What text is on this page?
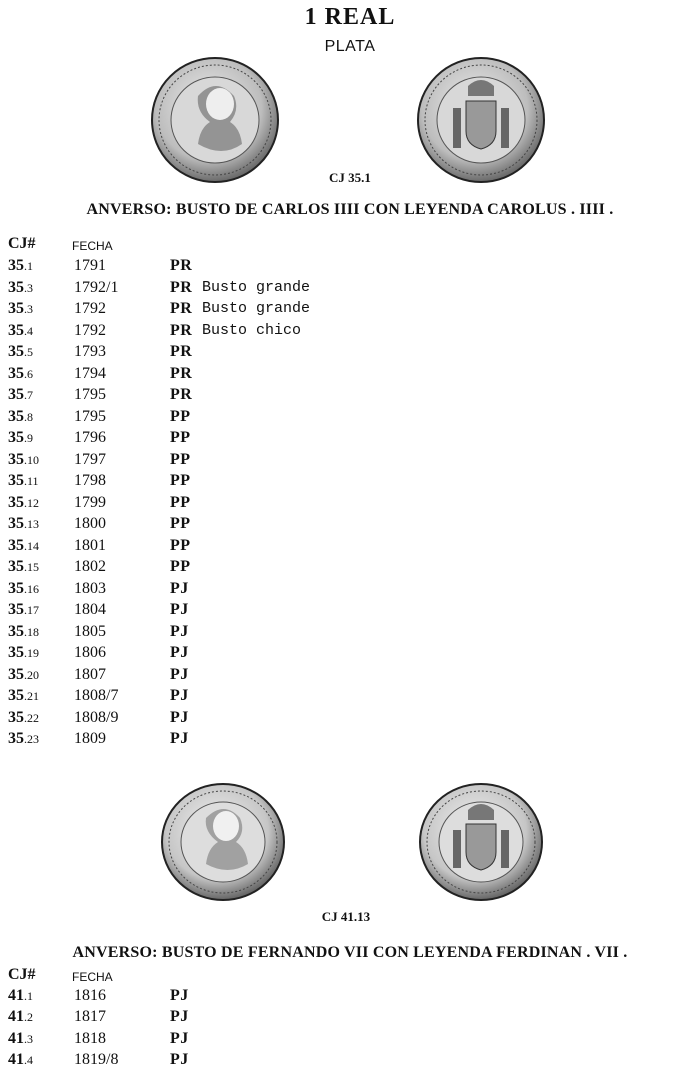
1 REAL
PLATA
CJ 35.1
ANVERSO: BUSTO DE CARLOS IIII CON LEYENDA CAROLUS . IIII .
CJ#	FECHA
35.1	1791	PR
35.3	1792/1	PR Busto grande
35.3	1792	PR Busto grande
35.4	1792	PR Busto chico
35.5	1793	PR
35.6	1794	PR
35.7	1795	PR
35.8	1795	PP
35.9	1796	PP
35.10 1797	PP
35.11 1798	PP
35.12 1799	PP
35.13 1800	PP
35.14 1801	PP
35.15 1802	PP
35.16 1803	PJ
35.17 1804	PJ
35.18 1805	PJ
35.19 1806	PJ
35.20 1807	PJ
35.21 1808/7	PJ
35.22 1808/9	PJ
35.23 1809	PJ
CJ 41.13
ANVERSO: BUSTO DE FERNANDO VII CON LEYENDA FERDINAN . VII .
CJ#	FECHA
41.1	1816	PJ
41.2	1817	PJ
41.3	1818	PJ
41.4	1819/8	PJ
